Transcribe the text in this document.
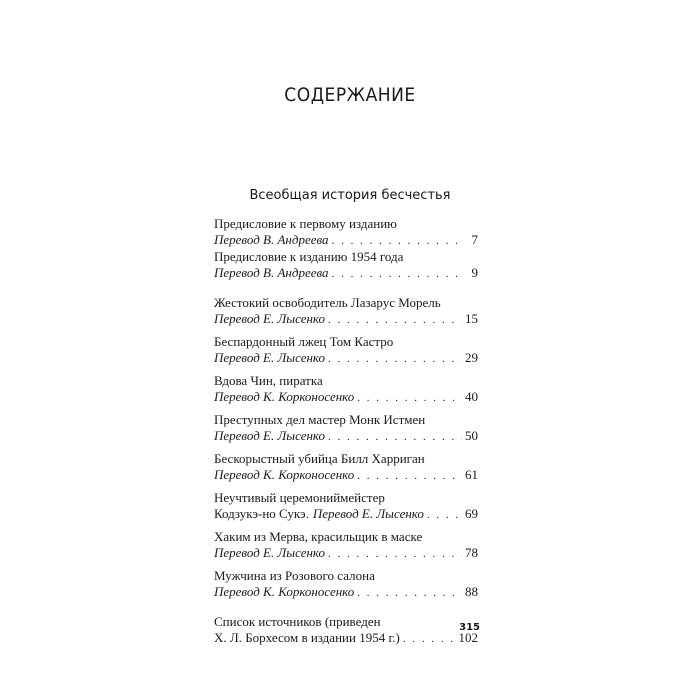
СОДЕРЖАНИЕ
Всеобщая история бесчестья
Предисловие к первому изданию
Перевод В. Андреева . . .	7
Предисловие к изданию 1954 года
Перевод В. Андреева . . .	9
Жестокий освободитель Лазарус Морель
Перевод Е. Лысенко . . .	15
Беспардонный лжец Том Кастро
Перевод Е. Лысенко . . .	29
Вдова Чин, пиратка
Перевод К. Корконосенко . . .	40
Преступных дел мастер Монк Истмен
Перевод Е. Лысенко . . .	50
Бескорыстный убийца Билл Харриган
Перевод К. Корконосенко . . .	61
Неучтивый церемониймейстер
Кодзукэ-но Сукэ. Перевод Е. Лысенко . . .	69
Хаким из Мерва, красильщик в маске
Перевод Е. Лысенко . . .	78
Мужчина из Розового салона
Перевод К. Корконосенко . . .	88
Список источников (приведен
Х. Л. Борхесом в издании 1954 г.) . . .	102
315
